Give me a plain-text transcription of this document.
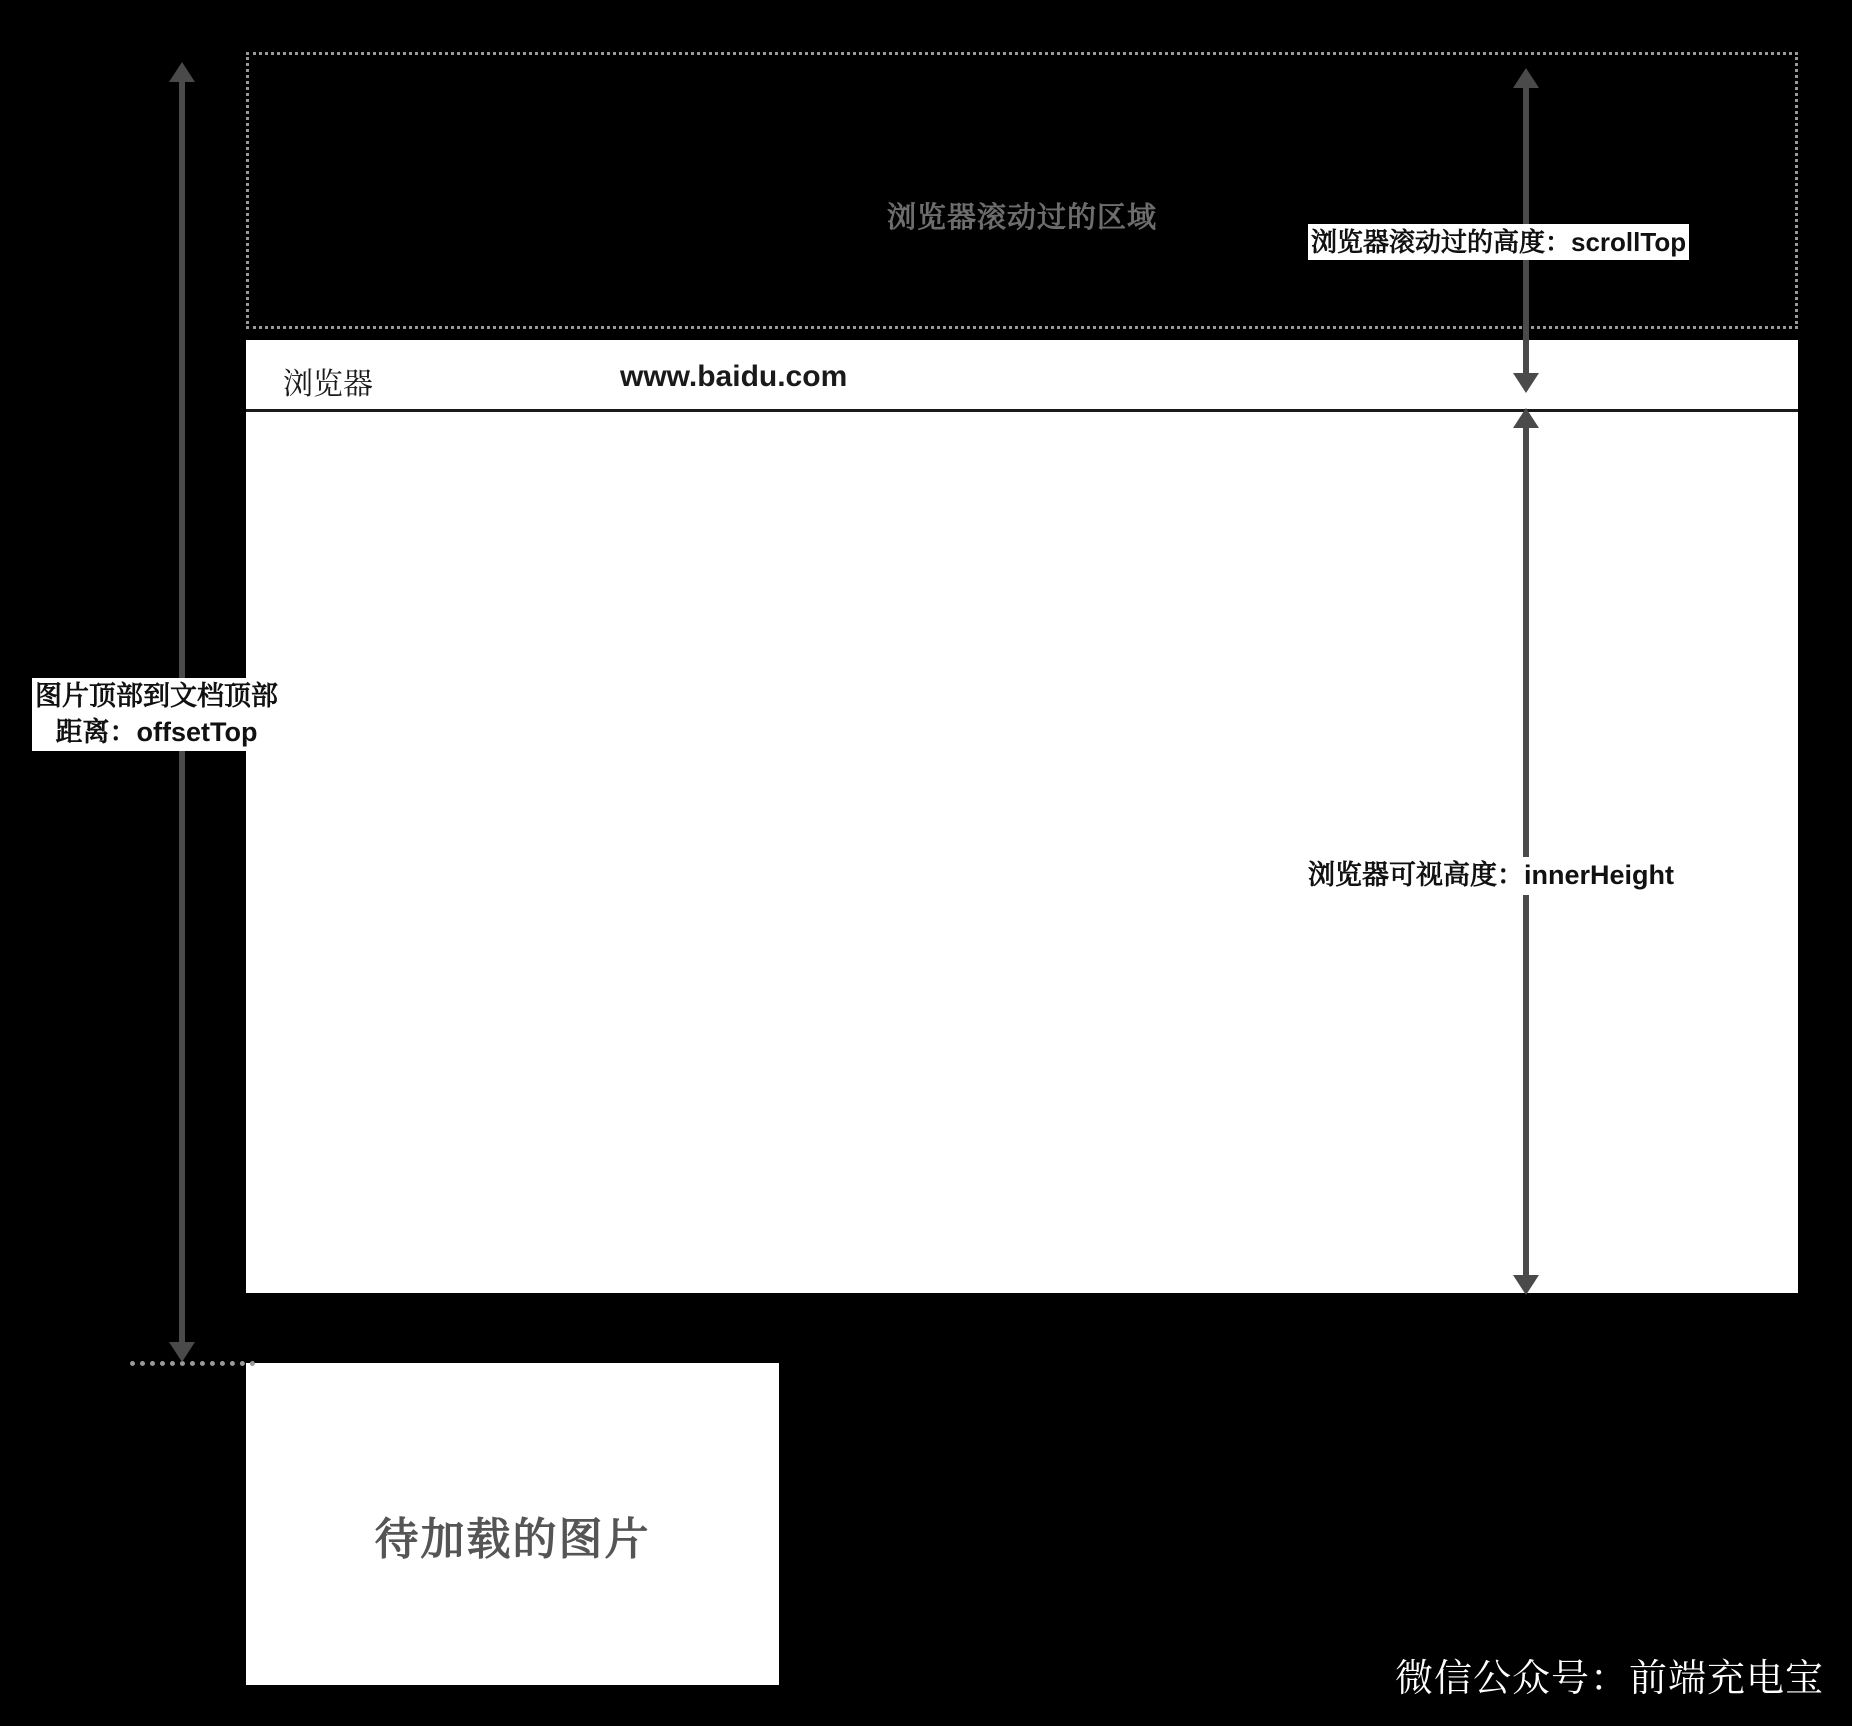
浏览器滚动过的区域
浏览器	www.baidu.com
待加载的图片
浏览器滚动过的高度：scrollTop
图片顶部到文档顶部
距离：offsetTop
浏览器可视高度：innerHeight
微信公众号：前端充电宝
